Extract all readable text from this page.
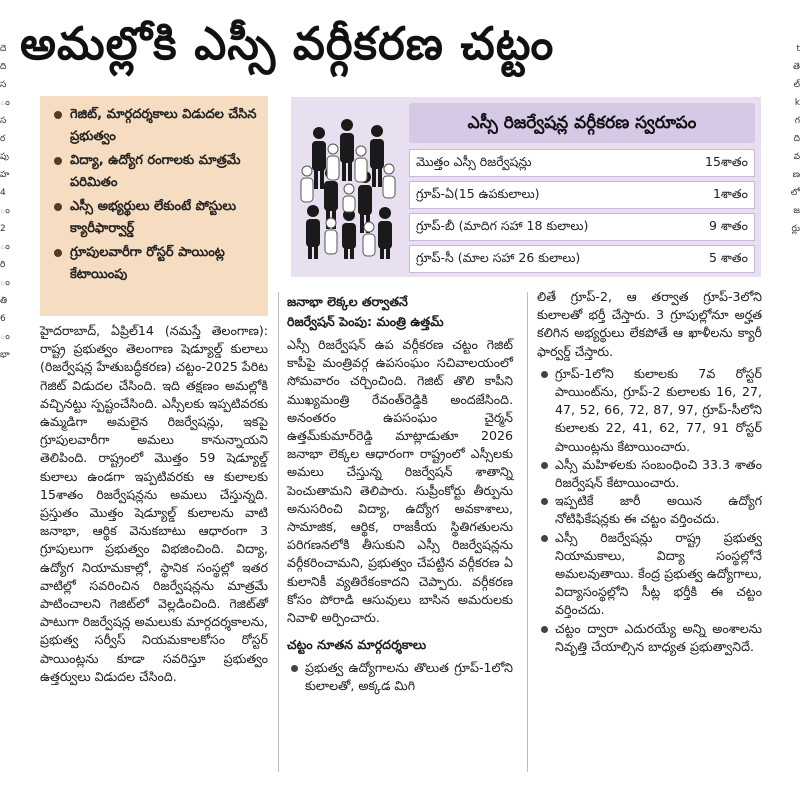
దె ది స ం స ర పు హ 4 ం 2 ం రి ం తి 6 ం భా
t తె ల్ k గ ది వ ణ లో జ ర్లు
అమల్లోకి ఎస్సీ వర్గీకరణ చట్టం
గెజిట్‌, మార్గదర్శకాలు విడుదల చేసిన ప్రభుత్వం
విద్యా, ఉద్యోగ రంగాలకు మాత్రమే పరిమితం
ఎస్సీ అభ్యర్థులు లేకుంటే పోస్టులు క్యారీఫార్వార్డ్‌
గ్రూపులవారీగా రోస్టర్‌ పాయింట్ల కేటాయింపు
ఎస్సీ రిజర్వేషన్ల వర్గీకరణ స్వరూపం
మొత్తం ఎస్సీ రిజర్వేషన్లు	15శాతం
గ్రూప్‌-ఏ(15 ఉపకులాలు)	1శాతం
గ్రూప్‌-బీ (మాదిగ సహా 18 కులాలు)	9 శాతం
గ్రూప్‌-సీ (మాల సహా 26 కులాలు)	5 శాతం

హైదరాబాద్‌, ఏప్రిల్‌14 (నమస్తే తెలంగాణ): రాష్ట్ర ప్రభుత్వం తెలంగాణ షెడ్యూల్డ్‌ కులాలు (రిజర్వేషన్ల హేతుబద్ధీకరణ) చట్టం-2025 పేరిట గెజిట్‌ విడుదల చేసింది. ఇది తక్షణం అమల్లోకి వచ్చినట్టు స్పష్టంచేసింది. ఎస్సీలకు ఇప్పటివరకు ఉమ్మడిగా అమలైన రిజర్వేషన్లు, ఇకపై గ్రూపులవారీగా అమలు కానున్నాయని తెలిపింది. రాష్ట్రంలో మొత్తం 59 షెడ్యూల్డ్‌ కులాలు ఉండగా ఇప్పటివరకు ఆ కులాలకు 15శాతం రిజర్వేషన్లను అమలు చేస్తున్నది. ప్రస్తుతం మొత్తం షెడ్యూల్డ్‌ కులాలను వాటి జనాభా, ఆర్థిక వెనుకబాటు ఆధారంగా 3 గ్రూపులుగా ప్రభుత్వం విభజించింది. విద్యా, ఉద్యోగ నియామకాల్లో, స్థానిక సంస్థల్లో ఇతర వాటిల్లో సవరించిన రిజర్వేషన్లను మాత్రమే పాటించాలని గెజిట్‌లో వెల్లడించింది. గెజిట్‌తో పాటుగా రిజర్వేషన్ల అమలుకు మార్గదర్శకాలను, ప్రభుత్వ సర్వీస్‌ నియమకాలకోసం రోస్టర్‌ పాయింట్లను కూడా సవరిస్తూ ప్రభుత్వం ఉత్తర్వులు విడుదల చేసింది.

జనాభా లెక్కల తర్వాతనే
రిజర్వేషన్‌ పెంపు: మంత్రి ఉత్తమ్‌

ఎస్సీ రిజర్వేషన్‌ ఉప వర్గీకరణ చట్టం గెజిట్‌ కాపీపై మంత్రివర్గ ఉపసంఘం సచివాలయంలో సోమవారం చర్చించింది. గెజిట్‌ తొలి కాపీని ముఖ్యమంత్రి రేవంత్‌రెడ్డికి అందజేసింది. అనంతరం ఉపసంఘం చైర్మన్‌ ఉత్తమ్‌కుమార్‌రెడ్డి మాట్లాడుతూ 2026 జనాభా లెక్కల ఆధారంగా రాష్ట్రంలో ఎస్సీలకు అమలు చేస్తున్న రిజర్వేషన్‌ శాతాన్ని పెంచుతామని తెలిపారు. సుప్రీంకోర్టు తీర్పును అనుసరించి విద్యా, ఉద్యోగ అవకాశాలు, సామాజిక, ఆర్థిక, రాజకీయ స్థితిగతులను పరిగణనలోకి తీసుకుని ఎస్సీ రిజర్వేషన్లను వర్గీకరించామని, ప్రభుత్వం చేపట్టిన వర్గీకరణ ఏ కులానికీ వ్యతిరేకంకాదని చెప్పారు. వర్గీకరణ కోసం పోరాడి ఆసువులు బాసిన అమరులకు నివాళి అర్పించారు.

చట్టం నూతన మార్గదర్శకాలు

ప్రభుత్వ ఉద్యోగాలను తొలుత గ్రూప్‌-1లోని కులాలతో, అక్కడ మిగి

లితే గ్రూప్‌-2, ఆ తర్వాత గ్రూప్‌-3లోని కులాలతో భర్తీ చేస్తారు. 3 గ్రూపుల్లోనూ అర్హత కలిగిన అభ్యర్థులు లేకపోతే ఆ ఖాళీలను క్యారీ ఫార్వర్డ్‌ చేస్తారు.

గ్రూప్‌-1లోని కులాలకు 7వ రోస్టర్‌ పాయింట్‌ను, గ్రూప్‌-2 కులాలకు 16, 27, 47, 52, 66, 72, 87, 97, గ్రూప్‌-సీలోని కులాలకు 22, 41, 62, 77, 91 రోస్టర్‌ పాయింట్లను కేటాయించారు.

ఎస్సీ మహిళలకు సంబంధించి 33.3 శాతం రిజర్వేషన్‌ కేటాయించారు.

ఇప్పటికే జారీ అయిన ఉద్యోగ నోటిఫికేషన్లకు ఈ చట్టం వర్తించదు.

ఎస్సీ రిజర్వేషన్లు రాష్ట్ర ప్రభుత్వ నియామకాలు, విద్యా సంస్థల్లోనే అమలవుతాయి. కేంద్ర ప్రభుత్వ ఉద్యోగాలు, విద్యాసంస్థల్లోని సీట్ల భర్తీకి ఈ చట్టం వర్తించదు.

చట్టం ద్వారా ఎదురయ్యే అన్ని అంశాలను నివృత్తి చేయాల్సిన బాధ్యత ప్రభుత్వానిదే.
